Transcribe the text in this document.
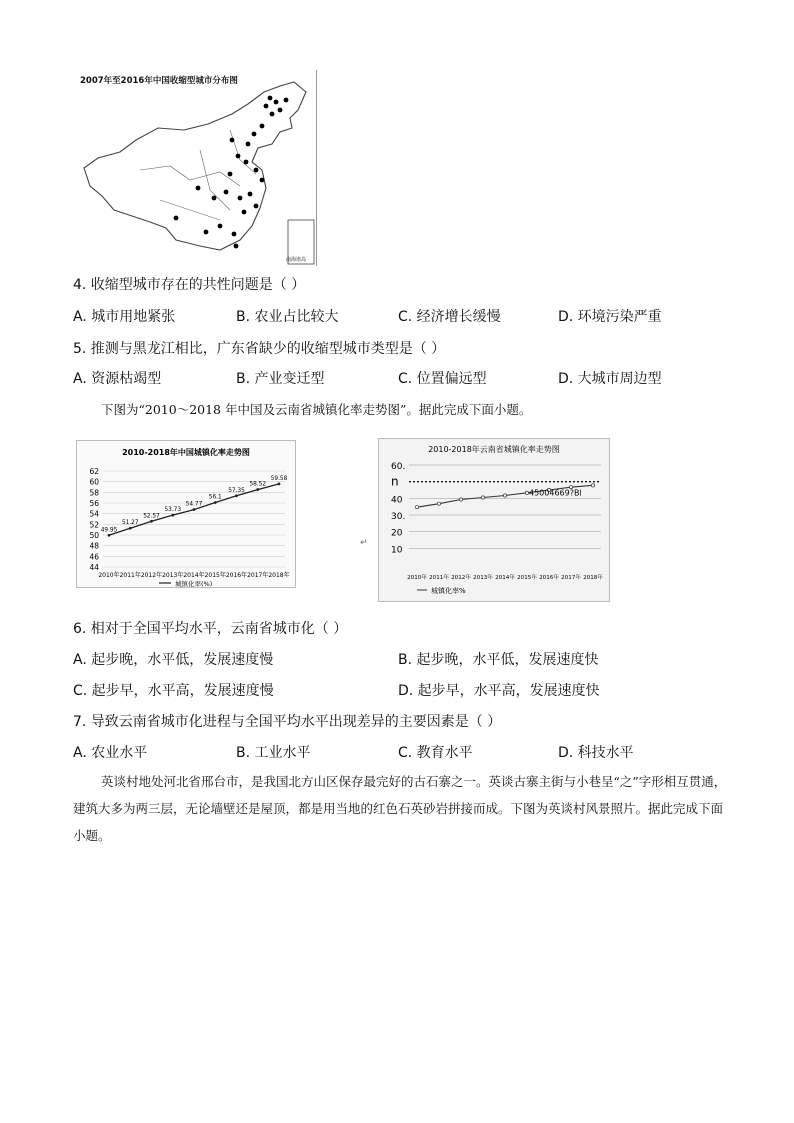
2007年至2016年中国收缩型城市分布图
南海诸岛
4. 收缩型城市存在的共性问题是（ ）
A. 城市用地紧张	B. 农业占比较大	C. 经济增长缓慢	D. 环境污染严重
5. 推测与黑龙江相比，广东省缺少的收缩型城市类型是（ ）
A. 资源枯竭型	B. 产业变迁型	C. 位置偏远型	D. 大城市周边型
下图为“2010～2018 年中国及云南省城镇化率走势图”。据此完成下面小题。
2010-2018年中国城镇化率走势图
44
46
48
50
52
54
56
58
60
62
49.95
51.27
52.57
53.73
54.77
56.1
57.35
58.52
59.58
2010年 2011年 2012年 2013年 2014年 2015年 2016年 2017年 2018年
城镇化率(%)
↵
2010-2018年云南省城镇化率走势图
10
20
30.
40
n
60.
45004669?Bl
2010年 2011年 2012年 2013年 2014年 2015年 2016年 2017年 2018年
城镇化率%
6. 相对于全国平均水平，云南省城市化（ ）
A. 起步晚，水平低，发展速度慢	B. 起步晚，水平低，发展速度快
C. 起步早，水平高，发展速度慢	D. 起步早，水平高，发展速度快
7. 导致云南省城市化进程与全国平均水平出现差异的主要因素是（ ）
A. 农业水平	B. 工业水平	C. 教育水平	D. 科技水平
英谈村地处河北省邢台市，是我国北方山区保存最完好的古石寨之一。英谈古寨主街与小巷呈“之”字形相互贯通，建筑大多为两三层，无论墙壁还是屋顶，都是用当地的红色石英砂岩拼接而成。下图为英谈村风景照片。据此完成下面小题。
